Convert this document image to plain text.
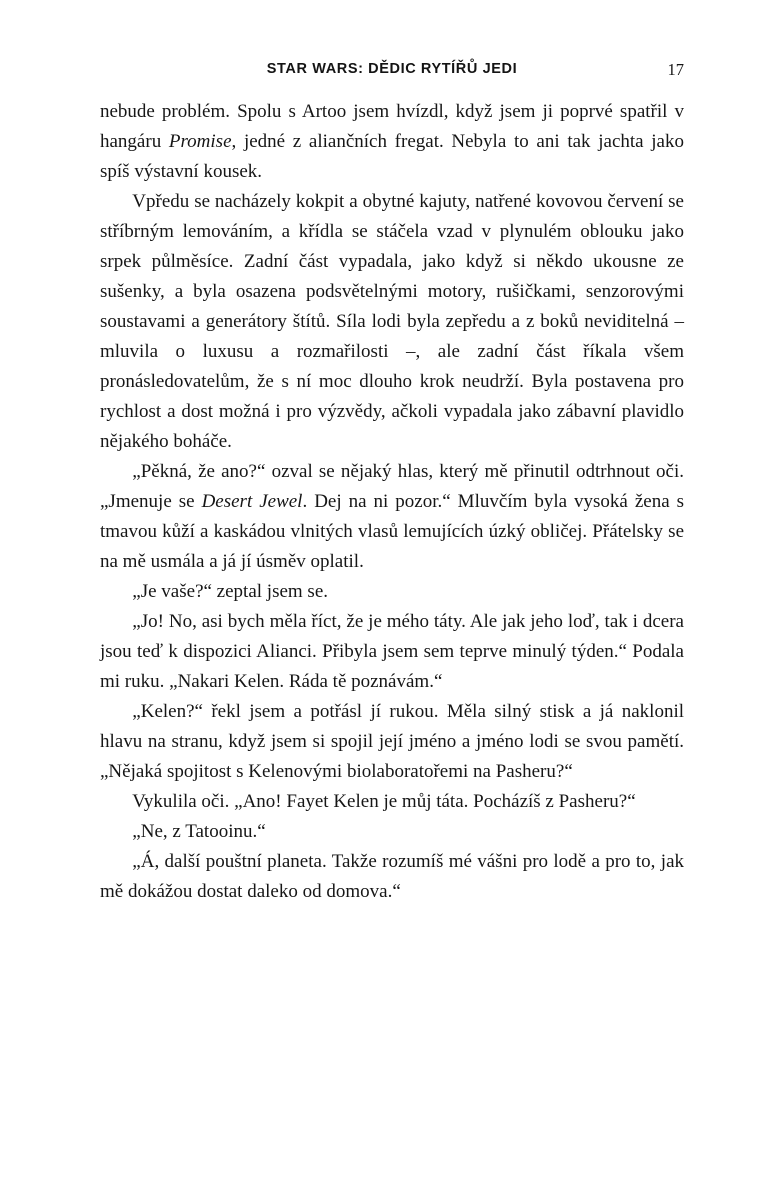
STAR WARS: DĚDIC RYTÍŘŮ JEDI	17

nebude problém. Spolu s Artoo jsem hvízdl, když jsem ji poprvé spatřil v hangáru Promise, jedné z aliančních fregat. Nebyla to ani tak jachta jako spíš výstavní kousek.

Vpředu se nacházely kokpit a obytné kajuty, natřené kovovou červení se stříbrným lemováním, a křídla se stáčela vzad v plynulém oblouku jako srpek půlměsíce. Zadní část vypadala, jako když si někdo ukousne ze sušenky, a byla osazena podsvětelnými motory, rušičkami, senzorovými soustavami a generátory štítů. Síla lodi byla zepředu a z boků neviditelná – mluvila o luxusu a rozmařilosti –, ale zadní část říkala všem pronásledovatelům, že s ní moc dlouho krok neudrží. Byla postavena pro rychlost a dost možná i pro výzvědy, ačkoli vypadala jako zábavní plavidlo nějakého boháče.

„Pěkná, že ano?“ ozval se nějaký hlas, který mě přinutil odtrhnout oči. „Jmenuje se Desert Jewel. Dej na ni pozor.“ Mluvčím byla vysoká žena s tmavou kůží a kaskádou vlnitých vlasů lemujících úzký obličej. Přátelsky se na mě usmála a já jí úsměv oplatil.

„Je vaše?“ zeptal jsem se.

„Jo! No, asi bych měla říct, že je mého táty. Ale jak jeho loď, tak i dcera jsou teď k dispozici Alianci. Přibyla jsem sem teprve minulý týden.“ Podala mi ruku. „Nakari Kelen. Ráda tě poznávám.“

„Kelen?“ řekl jsem a potřásl jí rukou. Měla silný stisk a já naklonil hlavu na stranu, když jsem si spojil její jméno a jméno lodi se svou pamětí. „Nějaká spojitost s Kelenovými biolaboratořemi na Pasheru?“

Vykulila oči. „Ano! Fayet Kelen je můj táta. Pocházíš z Pasheru?“

„Ne, z Tatooinu.“

„Á, další pouštní planeta. Takže rozumíš mé vášni pro lodě a pro to, jak mě dokážou dostat daleko od domova.“
